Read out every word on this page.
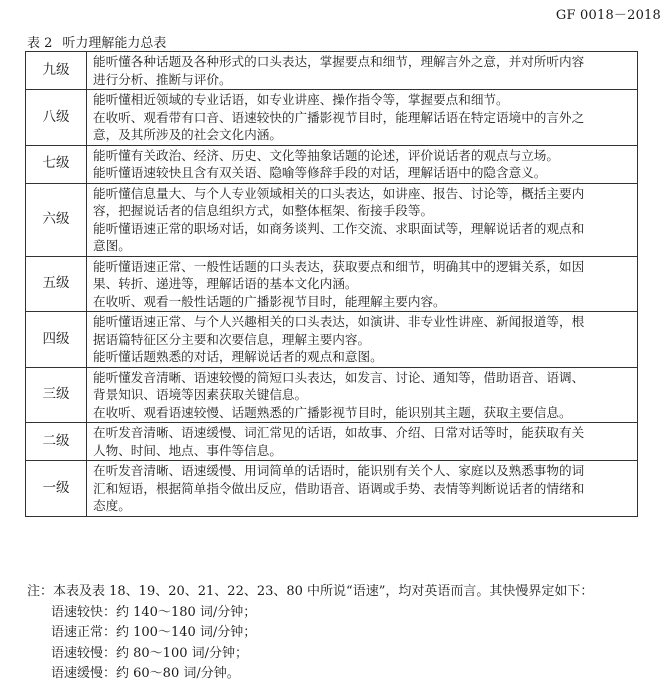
GF 0018－2018
表 2 听力理解能力总表
九级	能听懂各种话题及各种形式的口头表达，掌握要点和细节，理解言外之意，并对所听内容
进行分析、推断与评价。

八级	能听懂相近领域的专业话语，如专业讲座、操作指令等，掌握要点和细节。
在收听、观看带有口音、语速较快的广播影视节目时，能理解话语在特定语境中的言外之
意，及其所涉及的社会文化内涵。

七级	能听懂有关政治、经济、历史、文化等抽象话题的论述，评价说话者的观点与立场。
能听懂语速较快且含有双关语、隐喻等修辞手段的对话，理解话语中的隐含意义。

六级	能听懂信息量大、与个人专业领域相关的口头表达，如讲座、报告、讨论等，概括主要内
容，把握说话者的信息组织方式，如整体框架、衔接手段等。
能听懂语速正常的职场对话，如商务谈判、工作交流、求职面试等，理解说话者的观点和
意图。

五级	能听懂语速正常、一般性话题的口头表达，获取要点和细节，明确其中的逻辑关系，如因
果、转折、递进等，理解话语的基本文化内涵。
在收听、观看一般性话题的广播影视节目时，能理解主要内容。

四级	能听懂语速正常、与个人兴趣相关的口头表达，如演讲、非专业性讲座、新闻报道等，根
据语篇特征区分主要和次要信息，理解主要内容。
能听懂话题熟悉的对话，理解说话者的观点和意图。

三级	能听懂发音清晰、语速较慢的简短口头表达，如发言、讨论、通知等，借助语音、语调、
背景知识、语境等因素获取关键信息。
在收听、观看语速较慢、话题熟悉的广播影视节目时，能识别其主题，获取主要信息。

二级	在听发音清晰、语速缓慢、词汇常见的话语，如故事、介绍、日常对话等时，能获取有关
人物、时间、地点、事件等信息。

一级	在听发音清晰、语速缓慢、用词简单的话语时，能识别有关个人、家庭以及熟悉事物的词
汇和短语，根据简单指令做出反应，借助语音、语调或手势、表情等判断说话者的情绪和
态度。
注：本表及表 18、19、20、21、22、23、80 中所说“语速”，均对英语而言。其快慢界定如下：
语速较快：约 140～180 词/分钟；
语速正常：约 100～140 词/分钟；
语速较慢：约 80～100 词/分钟；
语速缓慢：约 60～80 词/分钟。
